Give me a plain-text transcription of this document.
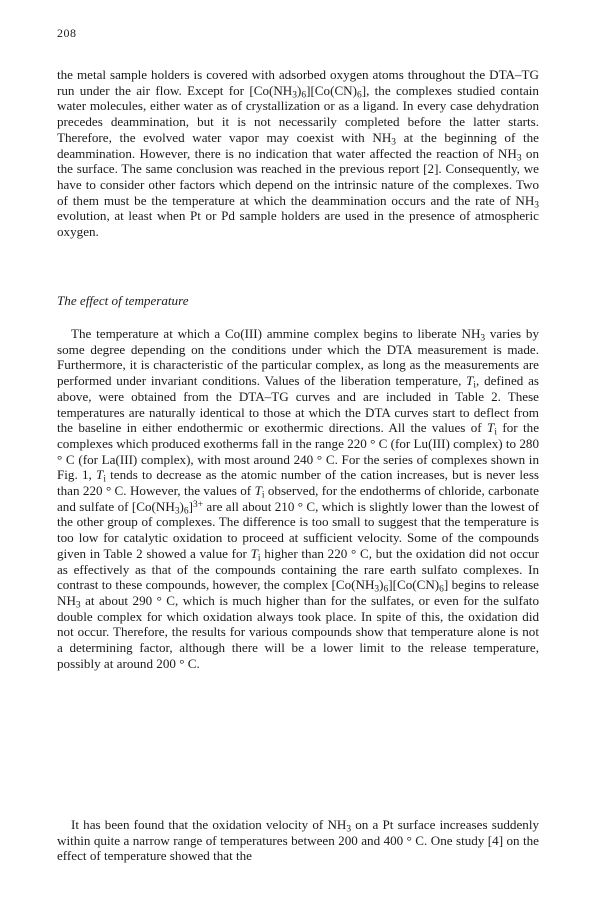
208

the metal sample holders is covered with adsorbed oxygen atoms throughout the DTA–TG run under the air flow. Except for $[Co(NH_3)_6][Co(CN)_6]$, the complexes studied contain water molecules, either water as of crystallization or as a ligand. In every case dehydration precedes deammination, but it is not necessarily completed before the latter starts. Therefore, the evolved water vapor may coexist with $NH_3$ at the beginning of the deammination. However, there is no indication that water affected the reaction of $NH_3$ on the surface. The same conclusion was reached in the previous report [2]. Consequently, we have to consider other factors which depend on the intrinsic nature of the complexes. Two of them must be the temperature at which the deammination occurs and the rate of $NH_3$ evolution, at least when Pt or Pd sample holders are used in the presence of atmospheric oxygen.

The effect of temperature

The temperature at which a Co(III) ammine complex begins to liberate $NH_3$ varies by some degree depending on the conditions under which the DTA measurement is made. Furthermore, it is characteristic of the particular complex, as long as the measurements are performed under invariant conditions. Values of the liberation temperature, $T_i$, defined as above, were obtained from the DTA–TG curves and are included in Table 2. These temperatures are naturally identical to those at which the DTA curves start to deflect from the baseline in either endothermic or exothermic directions. All the values of $T_i$ for the complexes which produced exotherms fall in the range 220 ° C (for Lu(III) complex) to 280 ° C (for La(III) complex), with most around 240 ° C. For the series of complexes shown in Fig. 1, $T_i$ tends to decrease as the atomic number of the cation increases, but is never less than 220 ° C. However, the values of $T_i$ observed, for the endotherms of chloride, carbonate and sulfate of $[Co(NH_3)_6]^{3+}$ are all about 210 ° C, which is slightly lower than the lowest of the other group of complexes. The difference is too small to suggest that the temperature is too low for catalytic oxidation to proceed at sufficient velocity. Some of the compounds given in Table 2 showed a value for $T_i$ higher than 220 ° C, but the oxidation did not occur as effectively as that of the compounds containing the rare earth sulfato complexes. In contrast to these compounds, however, the complex $[Co(NH_3)_6][Co(CN)_6]$ begins to release $NH_3$ at about 290 ° C, which is much higher than for the sulfates, or even for the sulfato double complex for which oxidation always took place. In spite of this, the oxidation did not occur. Therefore, the results for various compounds show that temperature alone is not a determining factor, although there will be a lower limit to the release temperature, possibly at around 200 ° C.

It has been found that the oxidation velocity of $NH_3$ on a Pt surface increases suddenly within quite a narrow range of temperatures between 200 and 400 ° C. One study [4] on the effect of temperature showed that the
